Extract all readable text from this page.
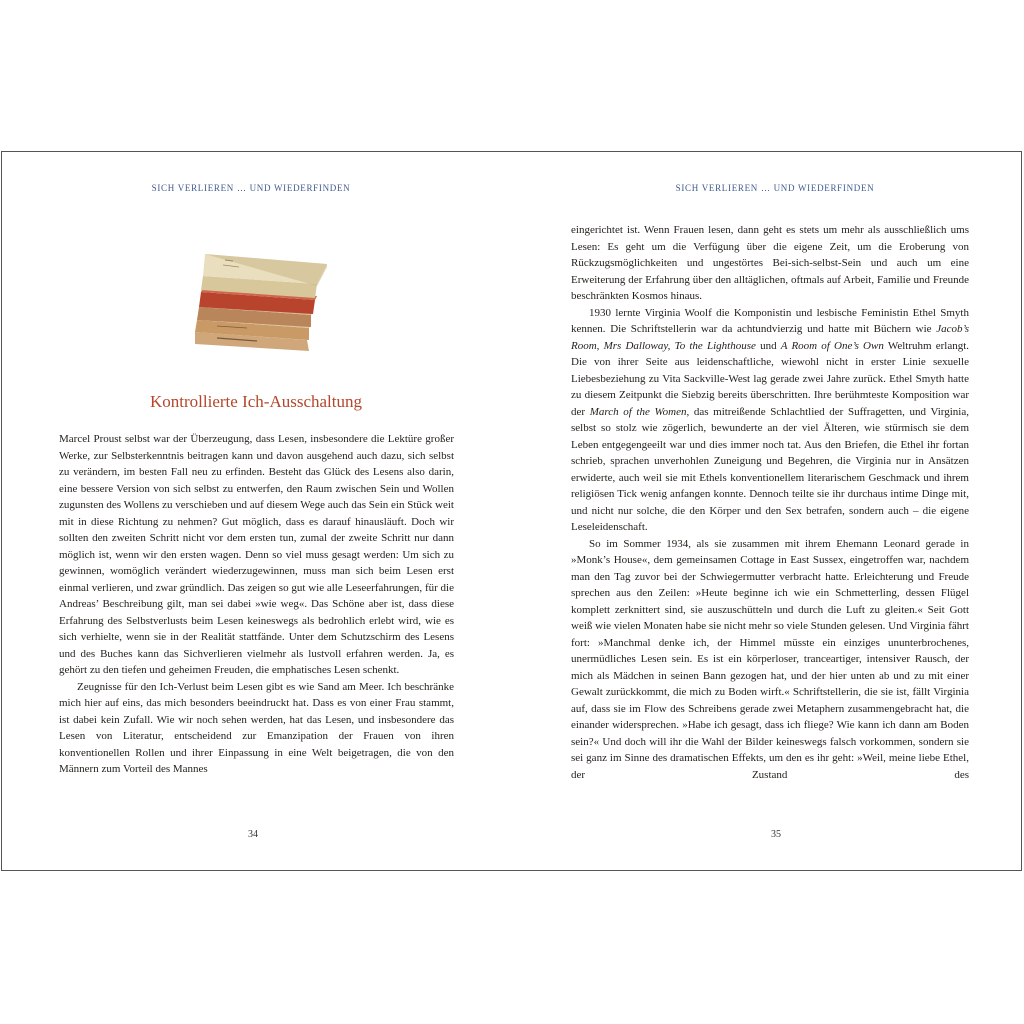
SICH VERLIEREN … UND WIEDERFINDEN
Kontrollierte Ich-Ausschaltung

Marcel Proust selbst war der Überzeugung, dass Lesen, insbesondere die Lektüre großer Werke, zur Selbsterkenntnis beitragen kann und davon ausgehend auch dazu, sich selbst zu verändern, im besten Fall neu zu erfinden. Besteht das Glück des Lesens also darin, eine bessere Version von sich selbst zu entwerfen, den Raum zwischen Sein und Wollen zugunsten des Wollens zu verschieben und auf diesem Wege auch das Sein ein Stück weit mit in diese Richtung zu nehmen? Gut möglich, dass es darauf hinausläuft. Doch wir sollten den zweiten Schritt nicht vor dem ersten tun, zumal der zweite Schritt nur dann möglich ist, wenn wir den ersten wagen. Denn so viel muss gesagt werden: Um sich zu gewinnen, womöglich verändert wiederzugewinnen, muss man sich beim Lesen erst einmal verlieren, und zwar gründlich. Das zeigen so gut wie alle Leseerfahrungen, für die Andreas’ Beschreibung gilt, man sei dabei »wie weg«. Das Schöne aber ist, dass diese Erfahrung des Selbstverlusts beim Lesen keineswegs als bedrohlich erlebt wird, wie es sich verhielte, wenn sie in der Realität stattfände. Unter dem Schutzschirm des Lesens und des Buches kann das Sichverlieren vielmehr als lustvoll erfahren werden. Ja, es gehört zu den tiefen und geheimen Freuden, die emphatisches Lesen schenkt.

Zeugnisse für den Ich-Verlust beim Lesen gibt es wie Sand am Meer. Ich beschränke mich hier auf eins, das mich besonders beeindruckt hat. Dass es von einer Frau stammt, ist dabei kein Zufall. Wie wir noch sehen werden, hat das Lesen, und insbesondere das Lesen von Literatur, entscheidend zur Emanzipation der Frauen von ihren konventionellen Rollen und ihrer Einpassung in eine Welt beigetragen, die von den Männern zum Vorteil des Mannes

34
SICH VERLIEREN … UND WIEDERFINDEN
35

eingerichtet ist. Wenn Frauen lesen, dann geht es stets um mehr als ausschließlich ums Lesen: Es geht um die Verfügung über die eigene Zeit, um die Eroberung von Rückzugsmöglichkeiten und ungestörtes Bei-sich-selbst-Sein und auch um eine Erweiterung der Erfahrung über den alltäglichen, oftmals auf Arbeit, Familie und Freunde beschränkten Kosmos hinaus.

1930 lernte Virginia Woolf die Komponistin und lesbische Feministin Ethel Smyth kennen. Die Schriftstellerin war da achtundvierzig und hatte mit Büchern wie Jacob’s Room, Mrs Dalloway, To the Lighthouse und A Room of One’s Own Weltruhm erlangt. Die von ihrer Seite aus leidenschaftliche, wiewohl nicht in erster Linie sexuelle Liebesbeziehung zu Vita Sackville-West lag gerade zwei Jahre zurück. Ethel Smyth hatte zu diesem Zeitpunkt die Siebzig bereits überschritten. Ihre berühmteste Komposition war der March of the Women, das mitreißende Schlachtlied der Suffragetten, und Virginia, selbst so stolz wie zögerlich, bewunderte an der viel Älteren, wie stürmisch sie dem Leben entgegengeeilt war und dies immer noch tat. Aus den Briefen, die Ethel ihr fortan schrieb, sprachen unverhohlen Zuneigung und Begehren, die Virginia nur in Ansätzen erwiderte, auch weil sie mit Ethels konventionellem literarischem Geschmack und ihrem religiösen Tick wenig anfangen konnte. Dennoch teilte sie ihr durchaus intime Dinge mit, und nicht nur solche, die den Körper und den Sex betrafen, sondern auch – die eigene Leseleidenschaft.

So im Sommer 1934, als sie zusammen mit ihrem Ehemann Leonard gerade in »Monk’s House«, dem gemeinsamen Cottage in East Sussex, eingetroffen war, nachdem man den Tag zuvor bei der Schwiegermutter verbracht hatte. Erleichterung und Freude sprechen aus den Zeilen: »Heute beginne ich wie ein Schmetterling, dessen Flügel komplett zerknittert sind, sie auszuschütteln und durch die Luft zu gleiten.« Seit Gott weiß wie vielen Monaten habe sie nicht mehr so viele Stunden gelesen. Und Virginia fährt fort: »Manchmal denke ich, der Himmel müsste ein einziges ununterbrochenes, unermüdliches Lesen sein. Es ist ein körperloser, tranceartiger, intensiver Rausch, der mich als Mädchen in seinen Bann gezogen hat, und der hier unten ab und zu mit einer Gewalt zurückkommt, die mich zu Boden wirft.« Schriftstellerin, die sie ist, fällt Virginia auf, dass sie im Flow des Schreibens gerade zwei Metaphern zusammengebracht hat, die einander widersprechen. »Habe ich gesagt, dass ich fliege? Wie kann ich dann am Boden sein?« Und doch will ihr die Wahl der Bilder keineswegs falsch vorkommen, sondern sie sei ganz im Sinne des dramatischen Effekts, um den es ihr geht: »Weil, meine liebe Ethel, der Zustand des
